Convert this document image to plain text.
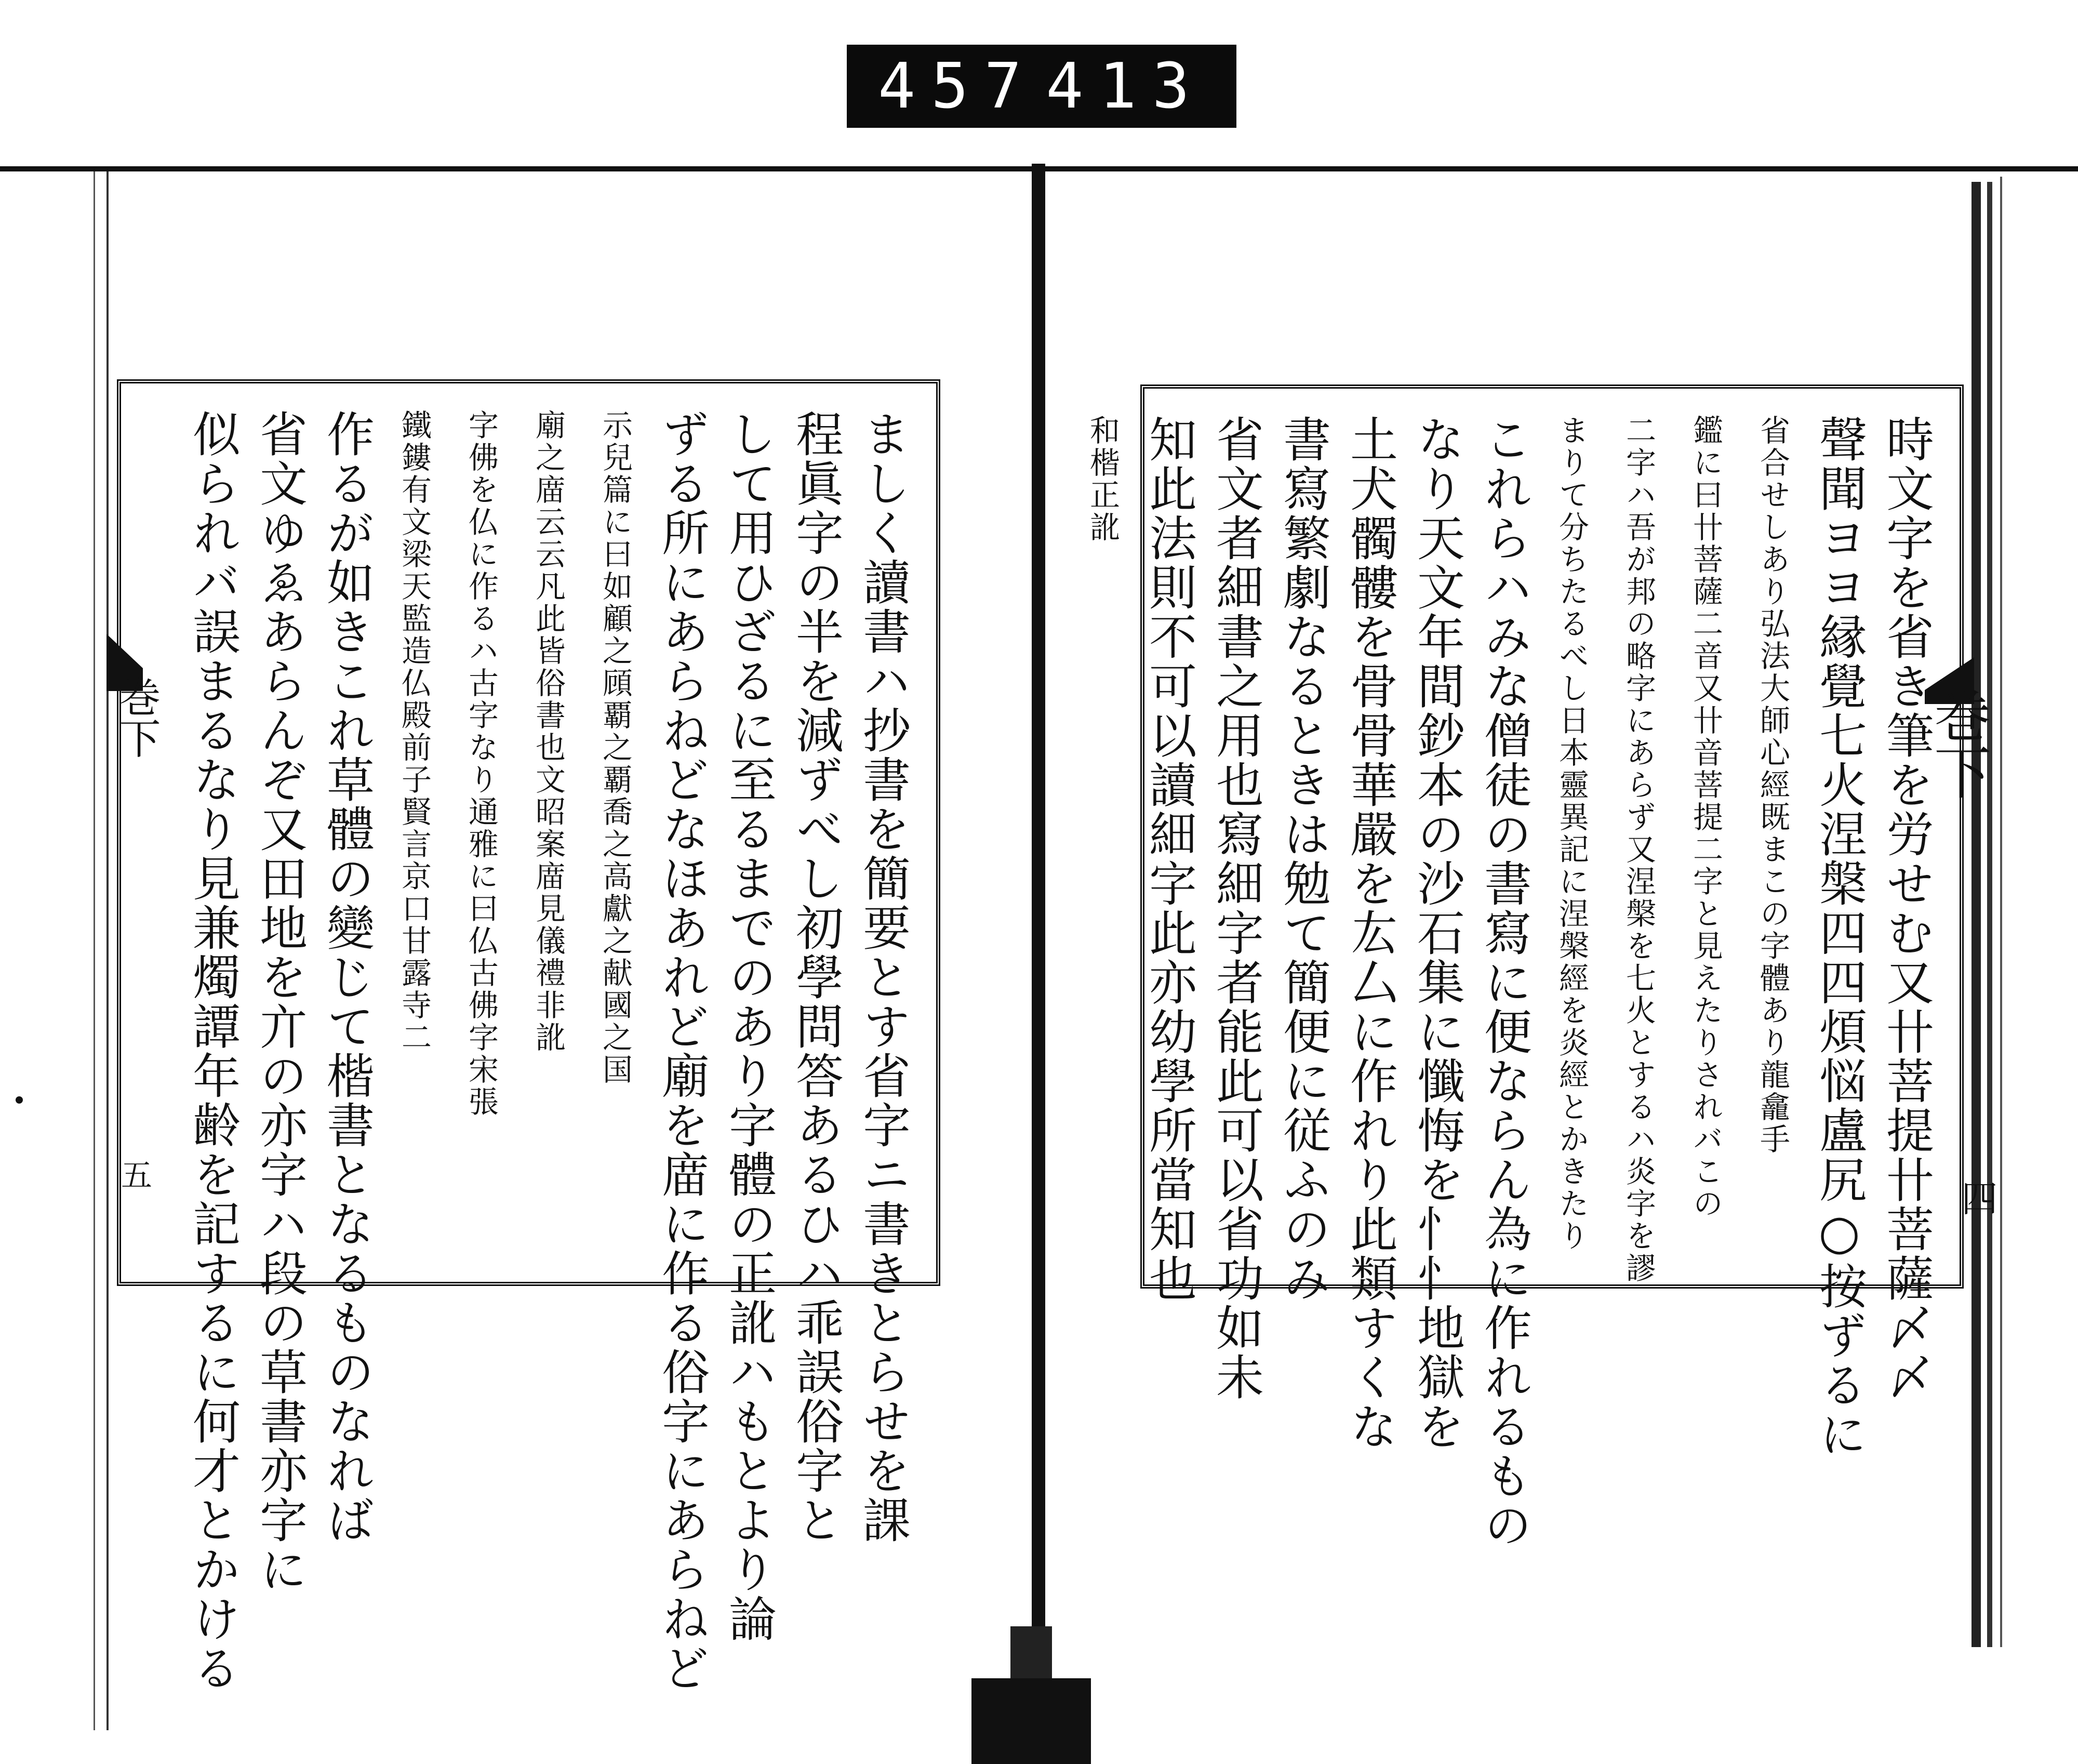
457 413
巻下
四
巻下
五	ましく讀書ハ抄書を簡要とす省字ニ書きとらせを課
程眞字の半を減ずべし初學問答あるひハ乖誤俗字と
して用ひざるに至るまでのあり字體の正訛ハもとより論
ずる所にあらねどなほあれど廟を庿に作る俗字にあらねど
示兒篇に曰如顧之頋覇之覇喬之高獻之献國之国
廟之庿云云凡此皆俗書也文昭案庿見儀禮非訛
字佛を仏に作るハ古字なり通雅に曰仏古佛字宋張
鐵鏤有文梁天監造仏殿前子賢言京口甘露寺二
作るが如きこれ草體の變じて楷書となるものなれば
省文ゆゑあらんぞ又田地を亣の亦字ハ段の草書亦字に
似られバ誤まるなり見兼燭譚年齢を記するに何才とかける	時文字を省き筆を労せむ又卄菩提卄菩薩〆〆
聲聞ヨヨ縁覺七火涅槃四四煩悩盧尻○按ずるに
省合せしあり弘法大師心經既まこの字體あり龍龕手
鑑に曰卄菩薩二音又卄音菩提二字と見えたりされバこの
二字ハ吾が邦の略字にあらず又涅槃を七火とするハ炎字を謬
まりて分ちたるべし日本靈異記に涅槃經を炎經とかきたり
これらハみな僧徒の書寫に便ならん為に作れるもの
なり天文年間鈔本の沙石集に懺悔を忄忄地獄を
土犬髑髏を骨骨華嚴を厷厶に作れり此類すくな
書寫繁劇なるときは勉て簡便に従ふのみ
省文者細書之用也寫細字者能此可以省功如未
知此法則不可以讀細字此亦幼學所當知也
和楷正訛
